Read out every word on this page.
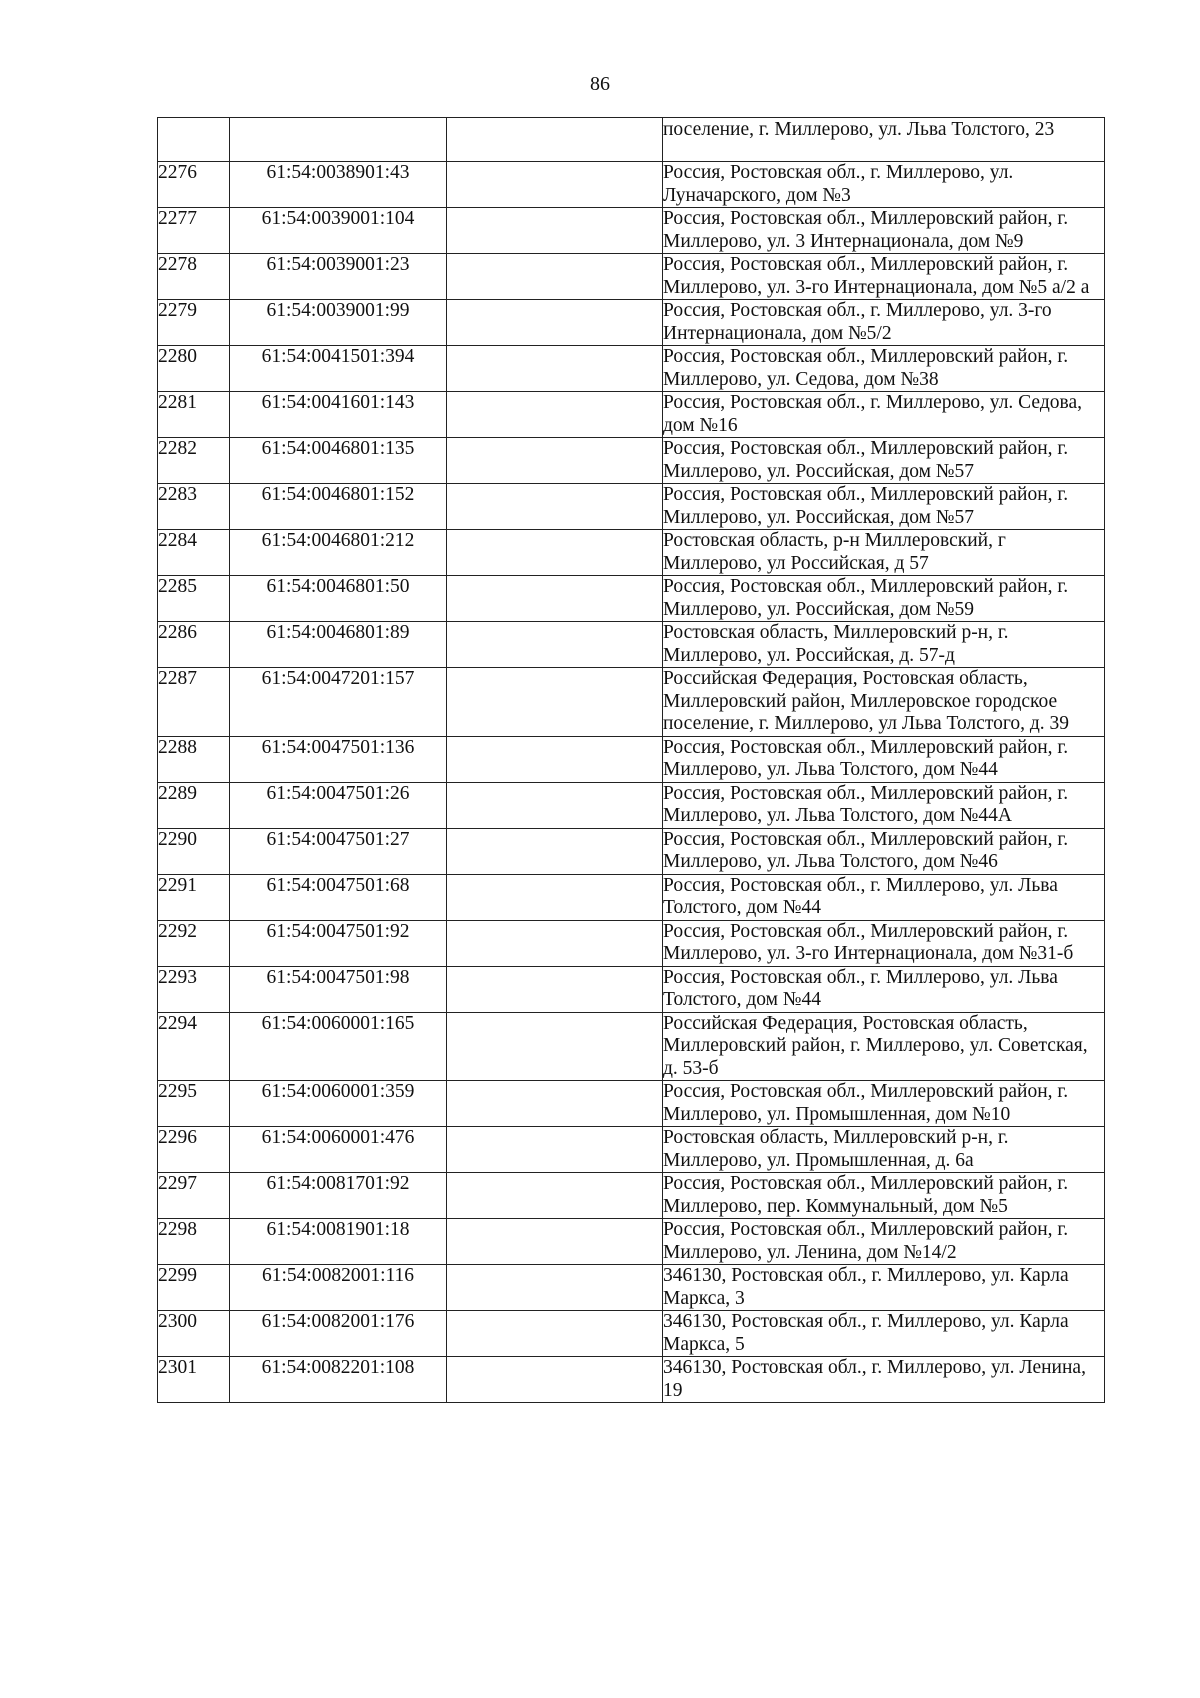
86
			поселение, г. Миллерово, ул. Льва Толстого, 23
2276	61:54:0038901:43		Россия, Ростовская обл., г. Миллерово, ул. Луначарского, дом №3
2277	61:54:0039001:104		Россия, Ростовская обл., Миллеровский район, г. Миллерово, ул. 3 Интернационала, дом №9
2278	61:54:0039001:23		Россия, Ростовская обл., Миллеровский район, г. Миллерово, ул. 3-го Интернационала, дом №5 а/2 а
2279	61:54:0039001:99		Россия, Ростовская обл., г. Миллерово, ул. 3-го Интернационала, дом №5/2
2280	61:54:0041501:394		Россия, Ростовская обл., Миллеровский район, г. Миллерово, ул. Седова, дом №38
2281	61:54:0041601:143		Россия, Ростовская обл., г. Миллерово, ул. Седова, дом №16
2282	61:54:0046801:135		Россия, Ростовская обл., Миллеровский район, г. Миллерово, ул. Российская, дом №57
2283	61:54:0046801:152		Россия, Ростовская обл., Миллеровский район, г. Миллерово, ул. Российская, дом №57
2284	61:54:0046801:212		Ростовская область, р-н Миллеровский, г Миллерово, ул Российская, д 57
2285	61:54:0046801:50		Россия, Ростовская обл., Миллеровский район, г. Миллерово, ул. Российская, дом №59
2286	61:54:0046801:89		Ростовская область, Миллеровский р-н, г. Миллерово, ул. Российская, д. 57-д
2287	61:54:0047201:157		Российская Федерация, Ростовская область, Миллеровский район, Миллеровское городское поселение, г. Миллерово, ул Льва Толстого, д. 39
2288	61:54:0047501:136		Россия, Ростовская обл., Миллеровский район, г. Миллерово, ул. Льва Толстого, дом №44
2289	61:54:0047501:26		Россия, Ростовская обл., Миллеровский район, г. Миллерово, ул. Льва Толстого, дом №44А
2290	61:54:0047501:27		Россия, Ростовская обл., Миллеровский район, г. Миллерово, ул. Льва Толстого, дом №46
2291	61:54:0047501:68		Россия, Ростовская обл., г. Миллерово, ул. Льва Толстого, дом №44
2292	61:54:0047501:92		Россия, Ростовская обл., Миллеровский район, г. Миллерово, ул. 3-го Интернационала, дом №31-б
2293	61:54:0047501:98		Россия, Ростовская обл., г. Миллерово, ул. Льва Толстого, дом №44
2294	61:54:0060001:165		Российская Федерация, Ростовская область, Миллеровский район, г. Миллерово, ул. Советская, д. 53-б
2295	61:54:0060001:359		Россия, Ростовская обл., Миллеровский район, г. Миллерово, ул. Промышленная, дом №10
2296	61:54:0060001:476		Ростовская область, Миллеровский р-н, г. Миллерово, ул. Промышленная, д. 6а
2297	61:54:0081701:92		Россия, Ростовская обл., Миллеровский район, г. Миллерово, пер. Коммунальный, дом №5
2298	61:54:0081901:18		Россия, Ростовская обл., Миллеровский район, г. Миллерово, ул. Ленина, дом №14/2
2299	61:54:0082001:116		346130, Ростовская обл., г. Миллерово, ул. Карла Маркса, 3
2300	61:54:0082001:176		346130, Ростовская обл., г. Миллерово, ул. Карла Маркса, 5
2301	61:54:0082201:108		346130, Ростовская обл., г. Миллерово, ул. Ленина, 19
